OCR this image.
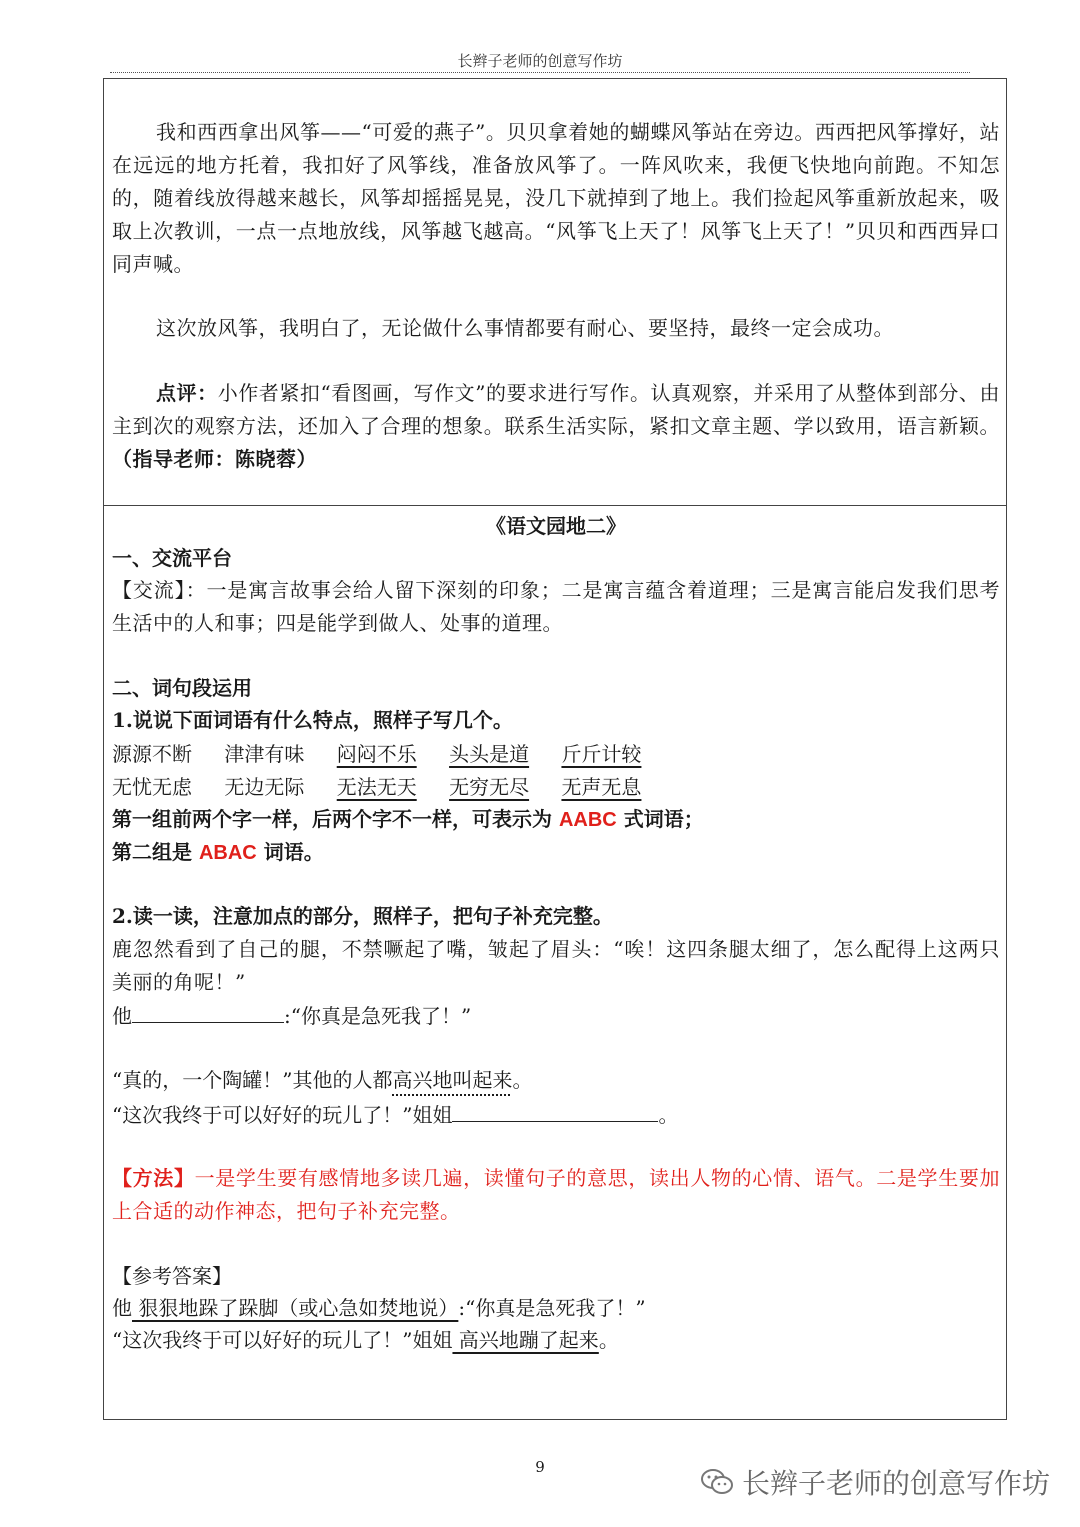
长辫子老师的创意写作坊

我和西西拿出风筝——“可爱的燕子”。贝贝拿着她的蝴蝶风筝站在旁边。西西把风筝撑好，站在远远的地方托着，我扣好了风筝线，准备放风筝了。一阵风吹来，我便飞快地向前跑。不知怎的，随着线放得越来越长，风筝却摇摇晃晃，没几下就掉到了地上。我们捡起风筝重新放起来，吸取上次教训，一点一点地放线，风筝越飞越高。“风筝飞上天了！风筝飞上天了！”贝贝和西西异口同声喊。

这次放风筝，我明白了，无论做什么事情都要有耐心、要坚持，最终一定会成功。

点评：小作者紧扣“看图画，写作文”的要求进行写作。认真观察，并采用了从整体到部分、由主到次的观察方法，还加入了合理的想象。联系生活实际，紧扣文章主题、学以致用，语言新颖。（指导老师：陈晓蓉）

《语文园地二》

一、交流平台

【交流】：一是寓言故事会给人留下深刻的印象；二是寓言蕴含着道理；三是寓言能启发我们思考生活中的人和事；四是能学到做人、处事的道理。

二、词句段运用

1.说说下面词语有什么特点，照样子写几个。

源源不断 津津有味 闷闷不乐 头头是道 斤斤计较

无忧无虑 无边无际 无法无天 无穷无尽 无声无息

第一组前两个字一样，后两个字不一样，可表示为 AABC 式词语；

第二组是 ABAC 词语。

2.读一读，注意加点的部分，照样子，把句子补充完整。

鹿忽然看到了自己的腿，不禁噘起了嘴，皱起了眉头：“唉！这四条腿太细了，怎么配得上这两只美丽的角呢！”

他	:“你真是急死我了！”

“真的，一个陶罐！”其他的人都高兴地叫起来。

“这次我终于可以好好的玩儿了！”姐姐	。

【方法】一是学生要有感情地多读几遍，读懂句子的意思，读出人物的心情、语气。二是学生要加上合适的动作神态，把句子补充完整。

【参考答案】

他 狠狠地跺了跺脚（或心急如焚地说）:“你真是急死我了！”

“这次我终于可以好好的玩儿了！”姐姐 高兴地蹦了起来。

9	长辫子老师的创意写作坊
